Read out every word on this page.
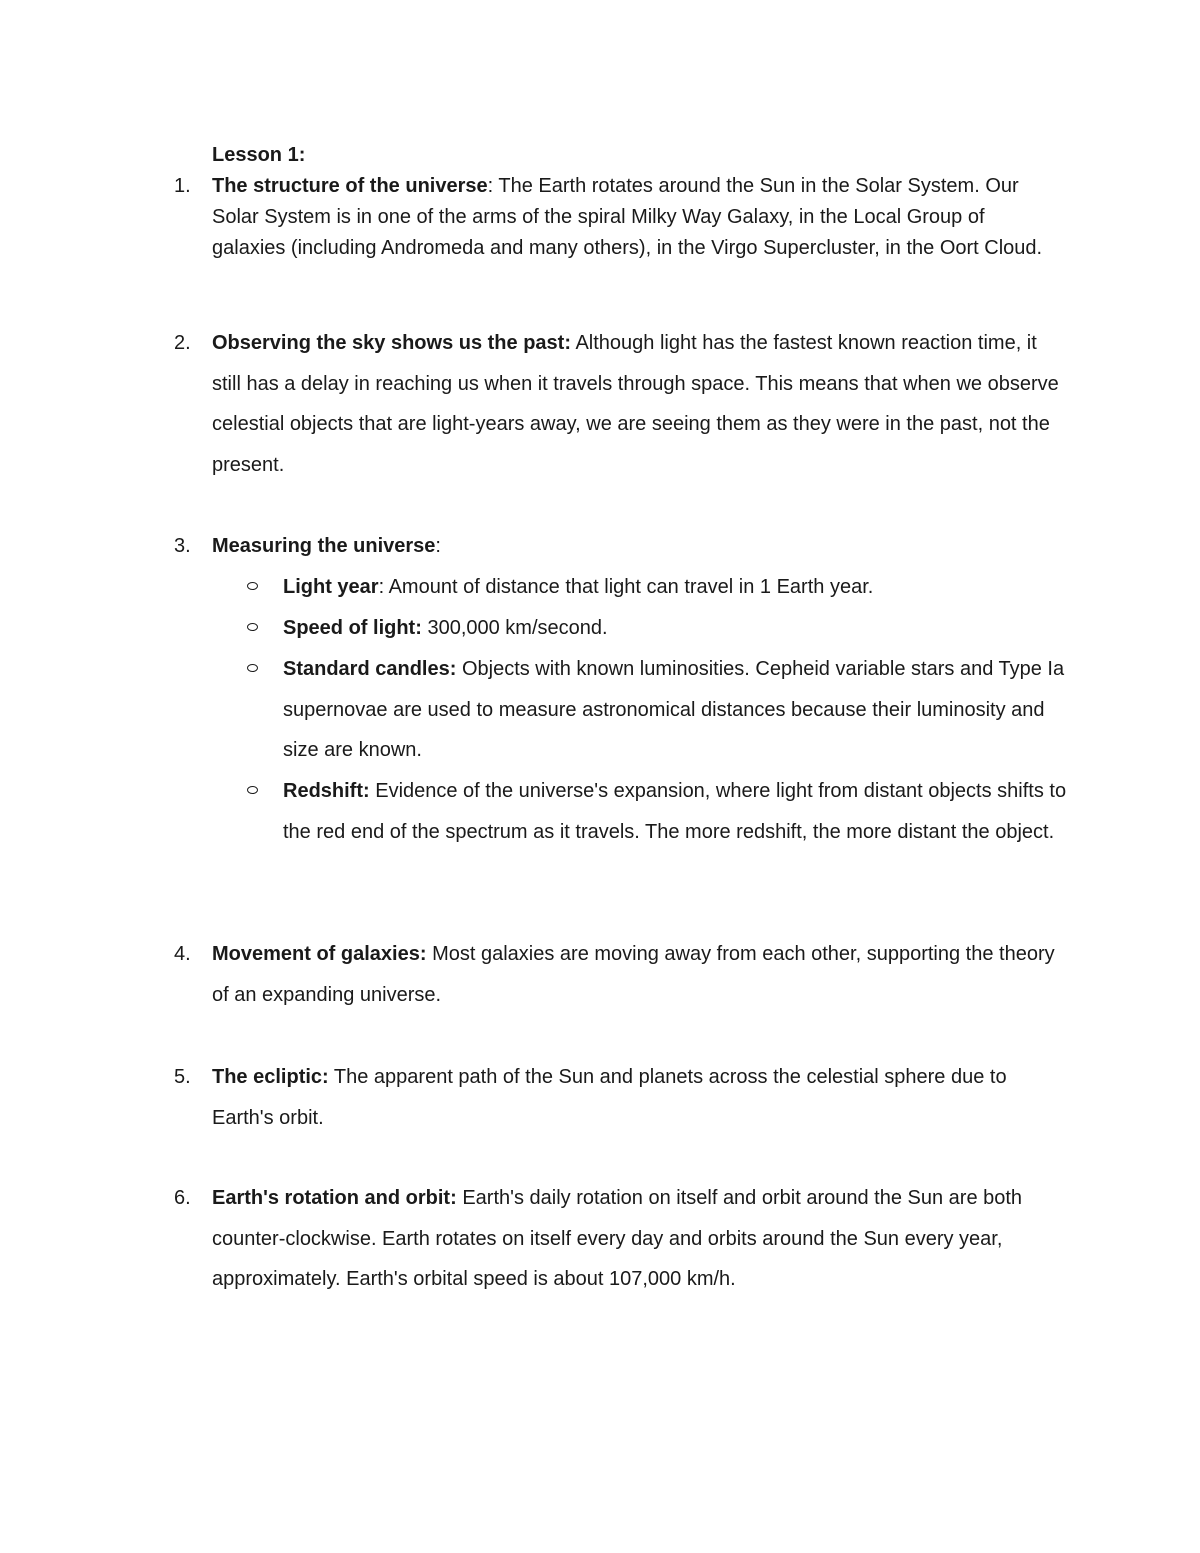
Lesson 1:
1.	The structure of the universe: The Earth rotates around the Sun in the Solar System. Our Solar System is in one of the arms of the spiral Milky Way Galaxy, in the Local Group of galaxies (including Andromeda and many others), in the Virgo Supercluster, in the Oort Cloud.
2.	Observing the sky shows us the past: Although light has the fastest known reaction time, it still has a delay in reaching us when it travels through space. This means that when we observe celestial objects that are light-years away, we are seeing them as they were in the past, not the present.
3.	Measuring the universe:
Light year: Amount of distance that light can travel in 1 Earth year.
Speed of light: 300,000 km/second.
Standard candles: Objects with known luminosities. Cepheid variable stars and Type Ia supernovae are used to measure astronomical distances because their luminosity and size are known.
Redshift: Evidence of the universe's expansion, where light from distant objects shifts to the red end of the spectrum as it travels. The more redshift, the more distant the object.
4.	Movement of galaxies: Most galaxies are moving away from each other, supporting the theory of an expanding universe.
5.	The ecliptic: The apparent path of the Sun and planets across the celestial sphere due to Earth's orbit.
6.	Earth's rotation and orbit: Earth's daily rotation on itself and orbit around the Sun are both counter-clockwise. Earth rotates on itself every day and orbits around the Sun every year, approximately. Earth's orbital speed is about 107,000 km/h.
